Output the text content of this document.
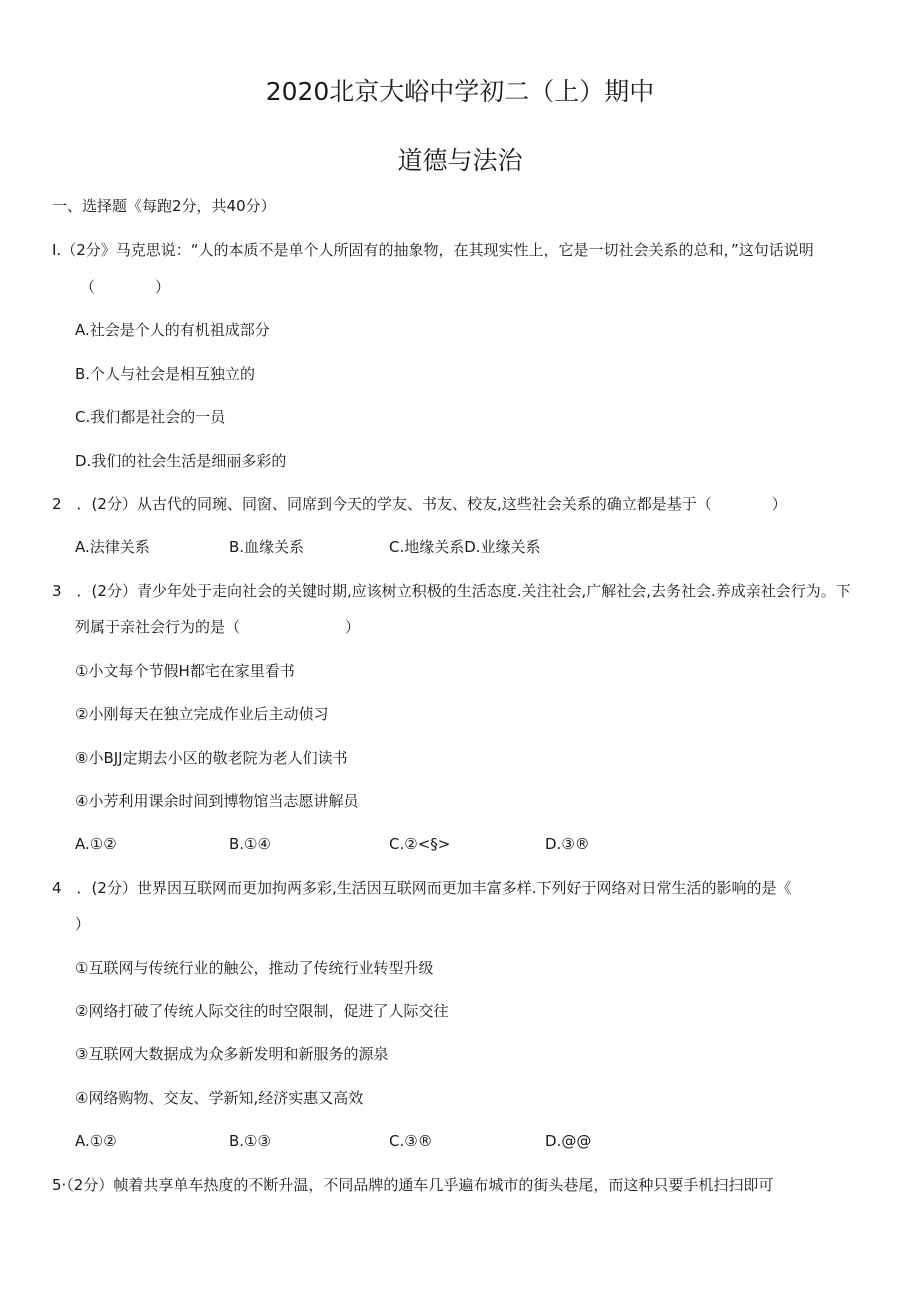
2020北京大峪中学初二（上）期中
道德与法治
一、选择题《每跑2分，共40分）
I.（2分》马克思说：“人的本质不是单个人所固有的抽象物，在其现实性上，它是一切社会关系的总和，”这句话说明
（　　　　）
A.社会是个人的有机祖成部分
B.个人与社会是相互独立的
C.我们都是社会的一员
D.我们的社会生活是细丽多彩的
2　．(2分）从古代的同琬、同窗、同席到今天的学友、书友、校友,这些社会关系的确立都是基于（　　　　）
A.法律关系	B.血缘关系	C.地缘关系D.业缘关系
3　．(2分）青少年处于走向社会的关键时期,应该树立积极的生活态度.关注社会,广解社会,去务社会.养成亲社会行为。下
列属于亲社会行为的是（　　　　　　　）
①小文每个节假H都宅在家里看书
②小刚每天在独立完成作业后主动侦习
⑧小BJJ定期去小区的敬老院为老人们读书
④小芳利用课余时间到博物馆当志愿讲解员
A.①②	B.①④	C.②<§>	D.③®
4　．(2分）世界因互联网而更加拘两多彩,生活因互联网而更加丰富多样.下列好于网络对日常生活的影响的是《
）
①互联网与传统行业的触公，推动了传统行业转型升级
②网络打破了传统人际交往的时空限制，促进了人际交往
③互联网大数据成为众多新发明和新服务的源泉
④网络购物、交友、学新知,经济实惠又高效
A.①②	B.①③	C.③®	D.@@
5·（2分）帧着共享单车热度的不断升温，不同品牌的通车几乎遍布城市的街头巷尾，而这种只要手机扫扫即可
